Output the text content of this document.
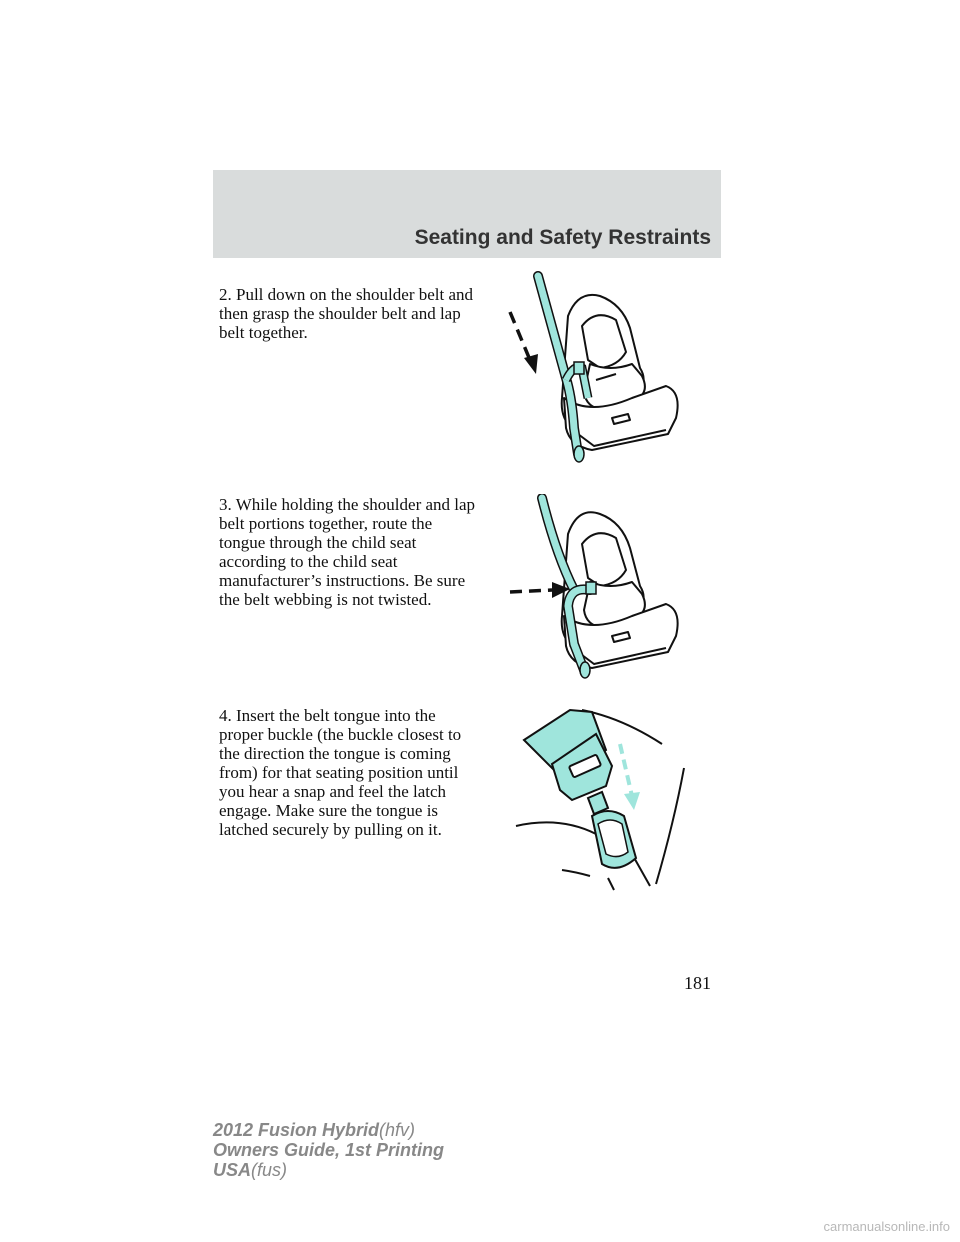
Seating and Safety Restraints

2. Pull down on the shoulder belt and then grasp the shoulder belt and lap belt together.

3. While holding the shoulder and lap belt portions together, route the tongue through the child seat according to the child seat manufacturer’s instructions. Be sure the belt webbing is not twisted.

4. Insert the belt tongue into the proper buckle (the buckle closest to the direction the tongue is coming from) for that seating position until you hear a snap and feel the latch engage. Make sure the tongue is latched securely by pulling on it.

181
2012 Fusion Hybrid(hfv)
Owners Guide, 1st Printing
USA(fus)
carmanualsonline.info
